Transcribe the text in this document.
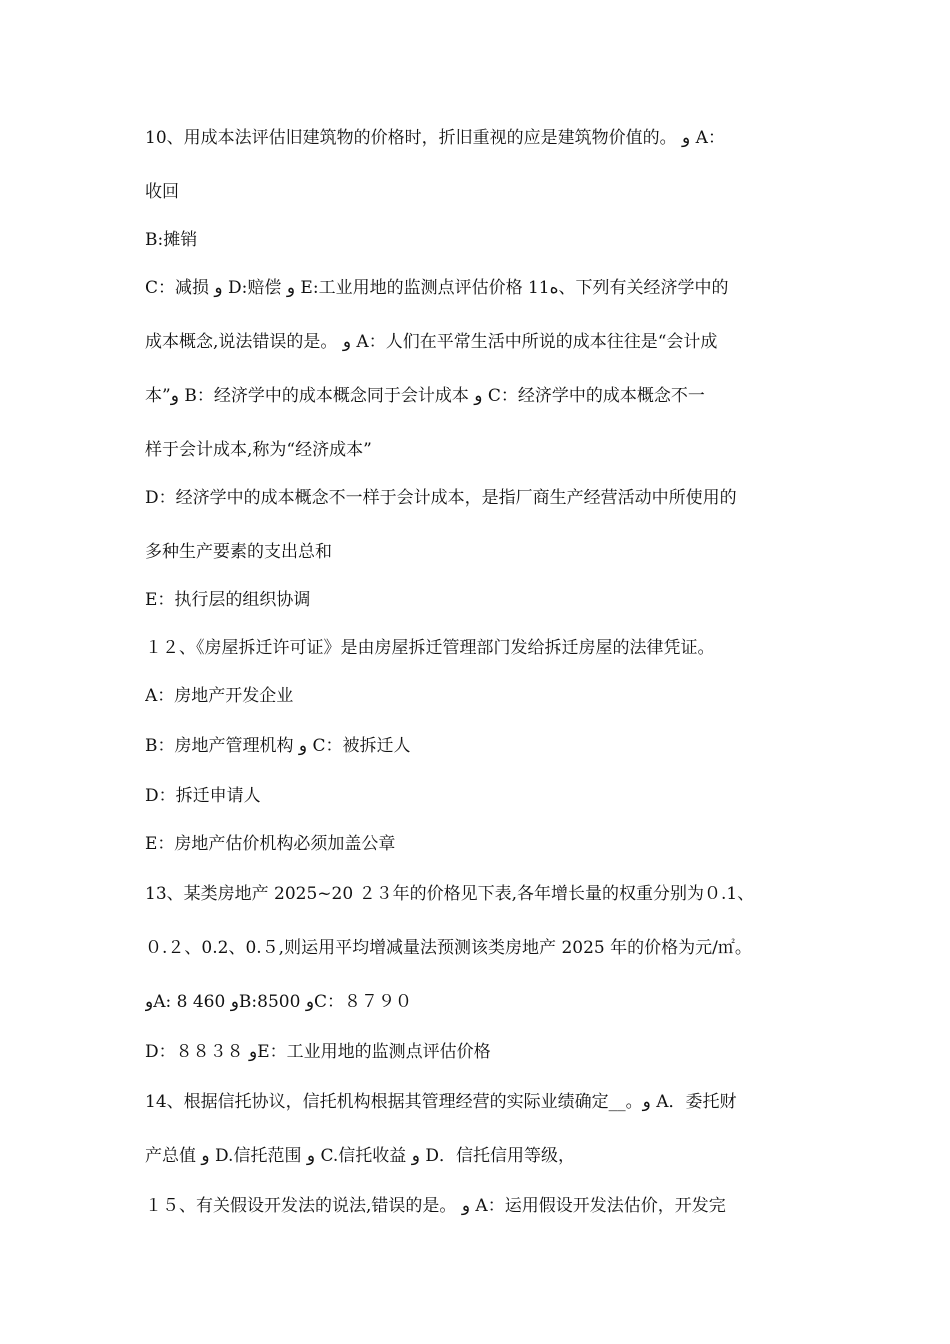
10、用成本法评估旧建筑物的价格时，折旧重视的应是建筑物价值的。 و A：
收回
B:摊销
C：减损 و D:赔偿 و E:工业用地的监测点评估价格 11ه、下列有关经济学中的
成本概念,说法错误的是。 و A：人们在平常生活中所说的成本往往是“会计成
本”و B：经济学中的成本概念同于会计成本 و C：经济学中的成本概念不一
样于会计成本,称为“经济成本”
D：经济学中的成本概念不一样于会计成本，是指厂商生产经营活动中所使用的
多种生产要素的支出总和
E：执行层的组织协调
１２、《房屋拆迁许可证》是由房屋拆迁管理部门发给拆迁房屋的法律凭证。
A：房地产开发企业
B：房地产管理机构 و C：被拆迁人
D：拆迁申请人
E：房地产估价机构必须加盖公章
13、某类房地产 2025~20 ２３年的价格见下表,各年增长量的权重分别为０.1、
０.２、0.2、0.５,则运用平均增减量法预测该类房地产 2025 年的价格为元/㎡。
وA: 8 460 وB:8500 وC：８７９０
D：８８３８ وE：工业用地的监测点评估价格
14、根据信托协议，信托机构根据其管理经营的实际业绩确定__。و A．委托财
产总值 و D.信托范围 و C.信托收益 و D．信托信用等级，
１５、有关假设开发法的说法,错误的是。 و A：运用假设开发法估价，开发完
